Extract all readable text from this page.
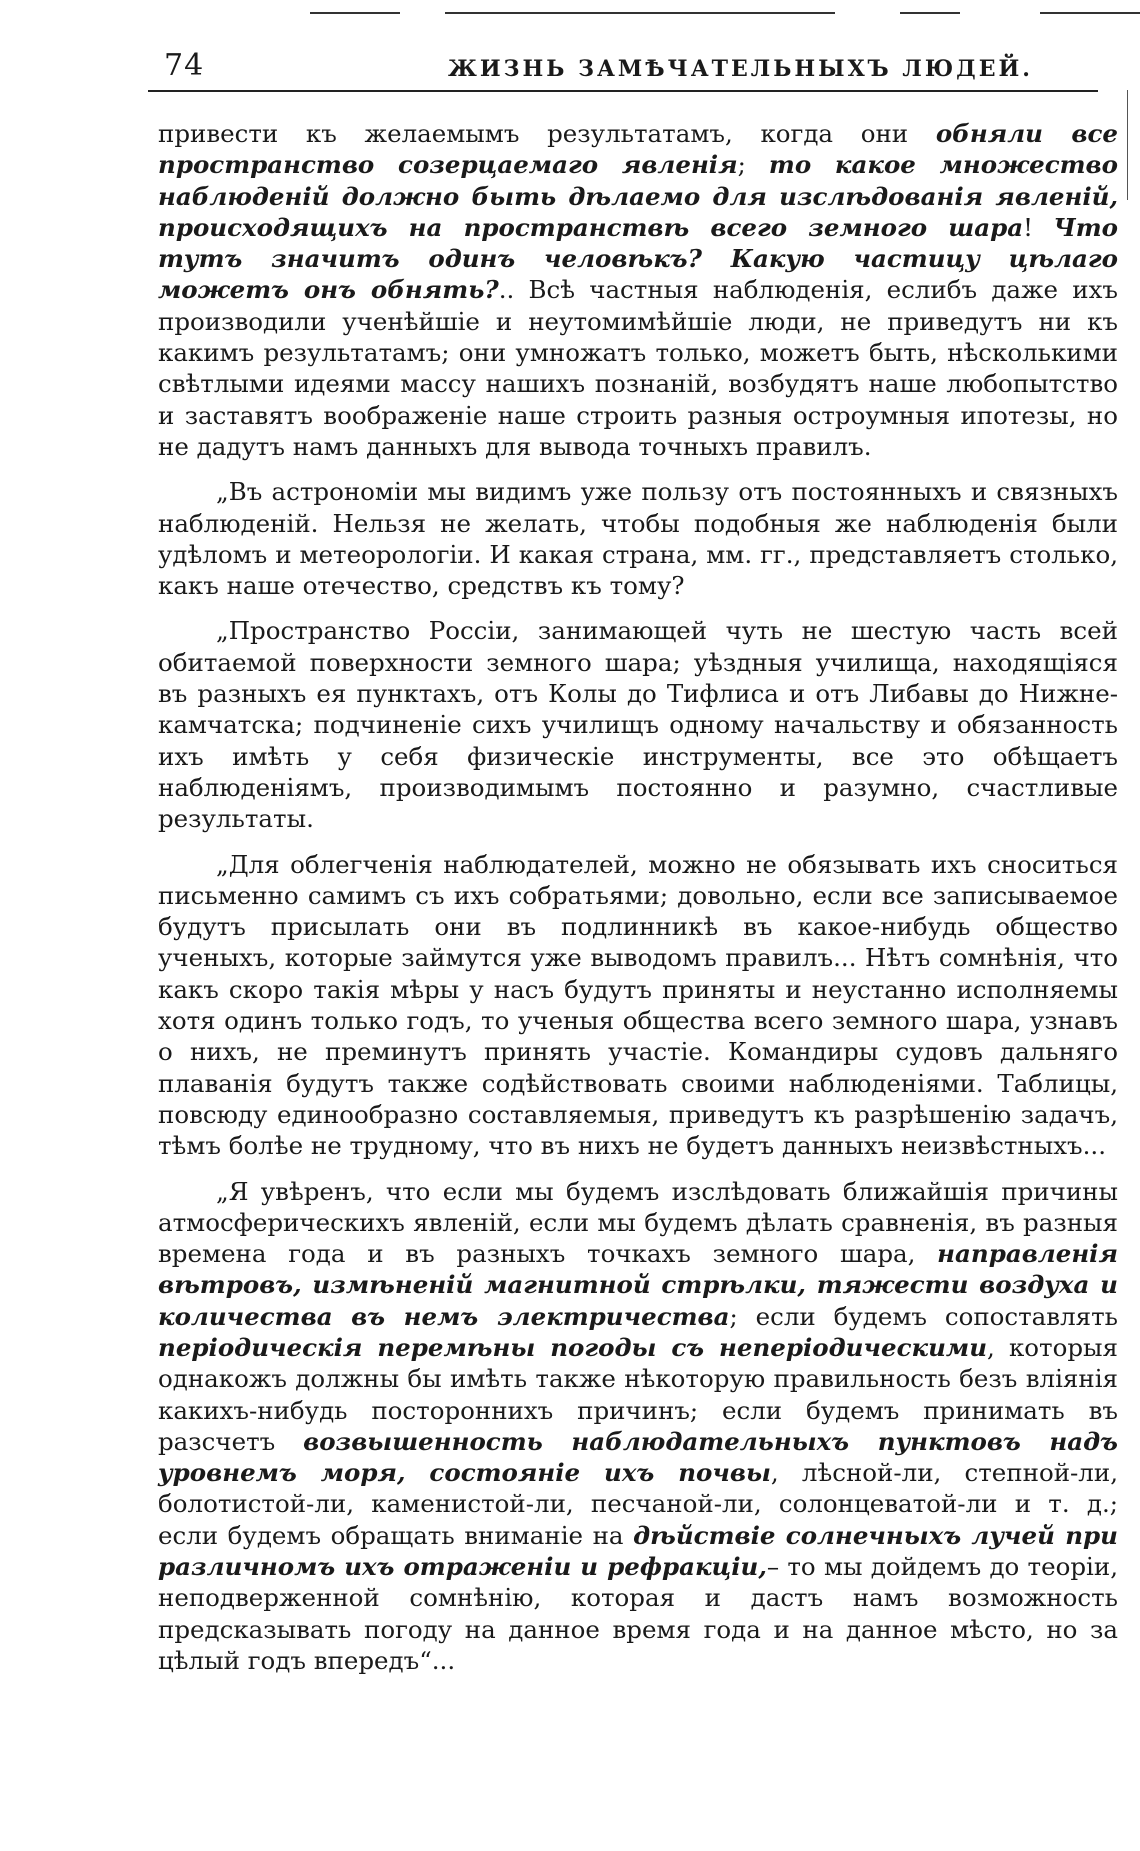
74	ЖИЗНЬ ЗАМѢЧАТЕЛЬНЫХЪ ЛЮДЕЙ.

привести къ желаемымъ результатамъ, когда они обняли все пространство созерцаемаго явленія; то какое множество наблюденій должно быть дѣлаемо для изслѣдованія явленій, происходящихъ на пространствѣ всего земного шара! Что тутъ значитъ одинъ человѣкъ? Какую частицу цѣлаго можетъ онъ обнять?.. Всѣ частныя наблюденія, еслибъ даже ихъ производили ученѣйшіе и неутомимѣйшіе люди, не приведутъ ни къ какимъ результатамъ; они умножатъ только, можетъ быть, нѣсколькими свѣтлыми идеями массу нашихъ познаній, возбудятъ наше любопытство и заставятъ воображеніе наше строить разныя остроумныя ипотезы, но не дадутъ намъ данныхъ для вывода точныхъ правилъ.

„Въ астрономіи мы видимъ уже пользу отъ постоянныхъ и связныхъ наблюденій. Нельзя не желать, чтобы подобныя же наблюденія были удѣломъ и метеорологіи. И какая страна, мм. гг., представляетъ столько, какъ наше отечество, средствъ къ тому?

„Пространство Россіи, занимающей чуть не шестую часть всей обитаемой поверхности земного шара; уѣздныя училища, находящіяся въ разныхъ ея пунктахъ, отъ Колы до Тифлиса и отъ Либавы до Нижне-камчатска; подчиненіе сихъ училищъ одному начальству и обязанность ихъ имѣть у себя физическіе инструменты, все это обѣщаетъ наблюденіямъ, производимымъ постоянно и разумно, счастливые результаты.

„Для облегченія наблюдателей, можно не обязывать ихъ сноситься письменно самимъ съ ихъ собратьями; довольно, если все записываемое будутъ присылать они въ подлинникѣ въ какое-нибудь общество ученыхъ, которые займутся уже выводомъ правилъ... Нѣтъ сомнѣнія, что какъ скоро такія мѣры у насъ будутъ приняты и неустанно исполняемы хотя одинъ только годъ, то ученыя общества всего земного шара, узнавъ о нихъ, не преминутъ принять участіе. Командиры судовъ дальняго плаванія будутъ также содѣйствовать своими наблюденіями. Таблицы, повсюду единообразно составляемыя, приведутъ къ разрѣшенію задачъ, тѣмъ болѣе не трудному, что въ нихъ не будетъ данныхъ неизвѣстныхъ...

„Я увѣренъ, что если мы будемъ изслѣдовать ближайшія причины атмосферическихъ явленій, если мы будемъ дѣлать сравненія, въ разныя времена года и въ разныхъ точкахъ земного шара, направленія вѣтровъ, измѣненій магнитной стрѣлки, тяжести воздуха и количества въ немъ электричества; если будемъ сопоставлять періодическія перемѣны погоды съ неперіодическими, которыя однакожъ должны бы имѣть также нѣкоторую правильность безъ вліянія какихъ-нибудь постороннихъ причинъ; если будемъ принимать въ разсчетъ возвышенность наблюдательныхъ пунктовъ надъ уровнемъ моря, состояніе ихъ почвы, лѣсной-ли, степной-ли, болотистой-ли, каменистой-ли, песчаной-ли, солонцеватой-ли и т. д.; если будемъ обращать вниманіе на дѣйствіе солнечныхъ лучей при различномъ ихъ отраженіи и рефракціи,– то мы дойдемъ до теоріи, неподверженной сомнѣнію, которая и дастъ намъ возможность предсказывать погоду на данное время года и на данное мѣсто, но за цѣлый годъ впередъ“...
